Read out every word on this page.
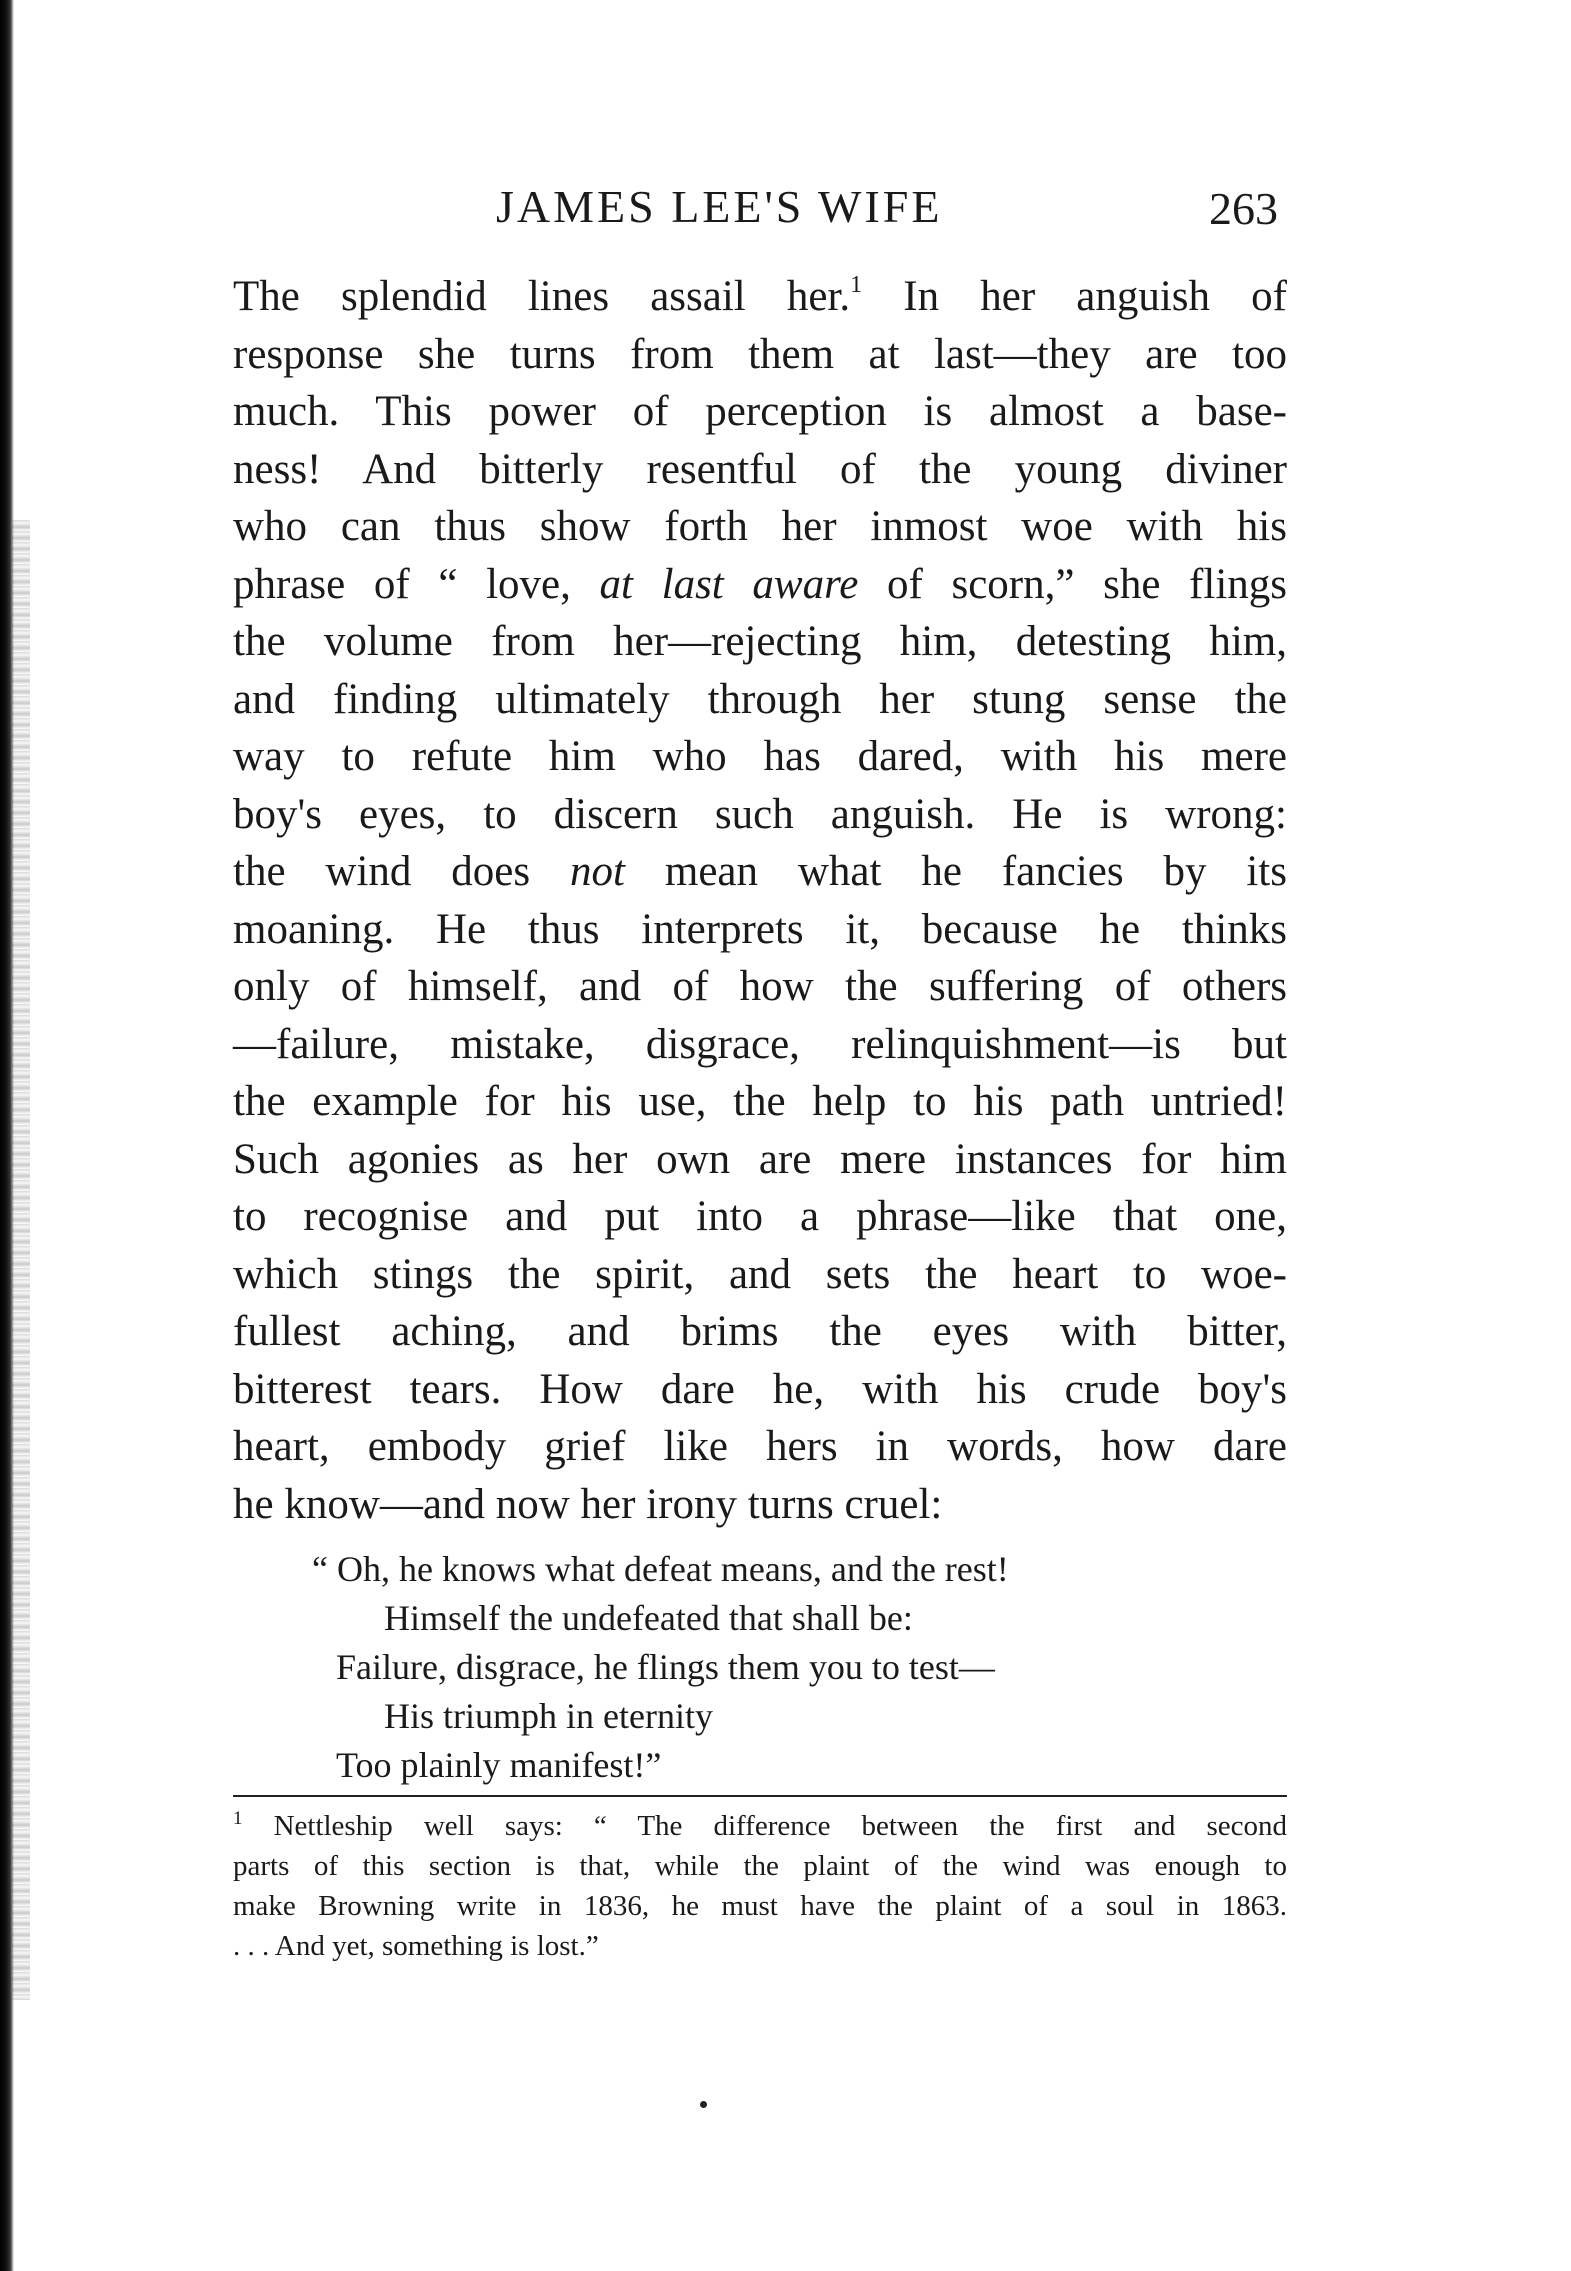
JAMES LEE'S WIFE	263
The splendid lines assail her.$^1$ In her anguish of
response she turns from them at last—they are too
much. This power of perception is almost a base-
ness! And bitterly resentful of the young diviner
who can thus show forth her inmost woe with his
phrase of “ love, at last aware of scorn,” she flings
the volume from her—rejecting him, detesting him,
and finding ultimately through her stung sense the
way to refute him who has dared, with his mere
boy's eyes, to discern such anguish. He is wrong:
the wind does not mean what he fancies by its
moaning. He thus interprets it, because he thinks
only of himself, and of how the suffering of others
—failure, mistake, disgrace, relinquishment—is but
the example for his use, the help to his path untried!
Such agonies as her own are mere instances for him
to recognise and put into a phrase—like that one,
which stings the spirit, and sets the heart to woe-
fullest aching, and brims the eyes with bitter,
bitterest tears. How dare he, with his crude boy's
heart, embody grief like hers in words, how dare
he know—and now her irony turns cruel:
“ Oh, he knows what defeat means, and the rest!
Himself the undefeated that shall be:
Failure, disgrace, he flings them you to test—
His triumph in eternity
Too plainly manifest!”
$^1$ Nettleship well says: “ The difference between the first and second
parts of this section is that, while the plaint of the wind was enough to
make Browning write in 1836, he must have the plaint of a soul in 1863.
. . . And yet, something is lost.”
